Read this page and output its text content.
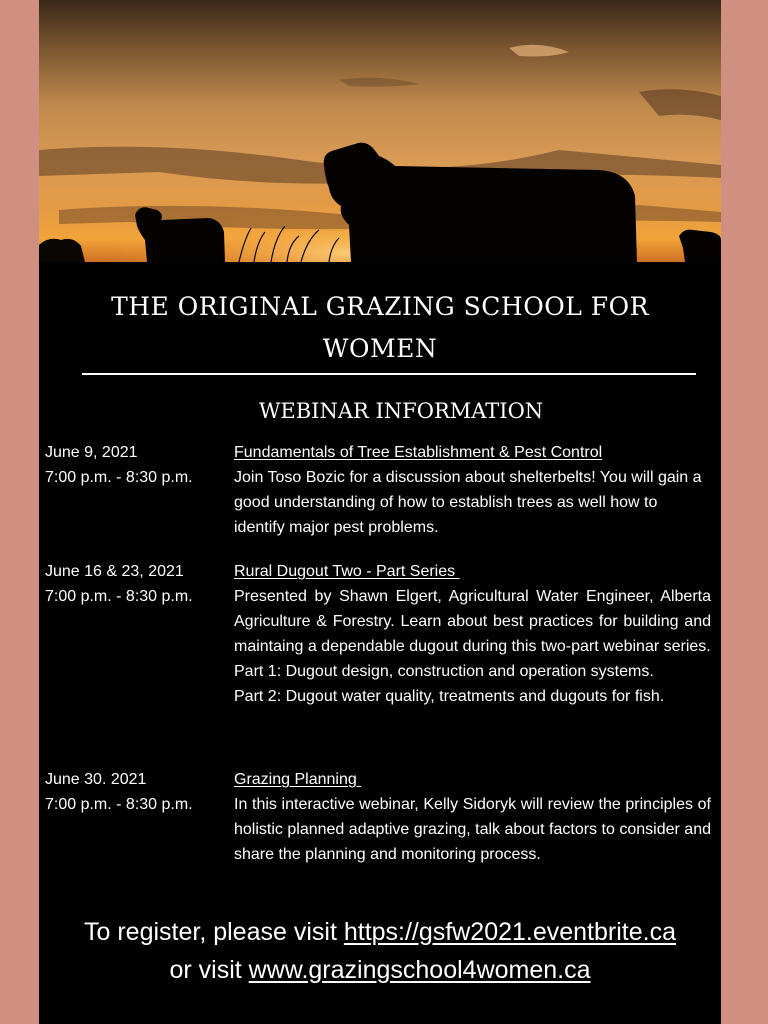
THE ORIGINAL GRAZING SCHOOL FOR
WOMEN
WEBINAR INFORMATION
June 9, 2021
7:00 p.m. - 8:30 p.m.
Fundamentals of Tree Establishment & Pest Control

Join Toso Bozic for a discussion about shelterbelts! You will gain a good understanding of how to establish trees as well how to identify major pest problems.

June 16 & 23, 2021
7:00 p.m. - 8:30 p.m.
Rural Dugout Two - Part Series

Presented by Shawn Elgert, Agricultural Water Engineer, Alberta Agriculture & Forestry. Learn about best practices for building and maintaing a dependable dugout during this two-part webinar series.

Part 1: Dugout design, construction and operation systems.

Part 2: Dugout water quality, treatments and dugouts for fish.

June 30. 2021
7:00 p.m. - 8:30 p.m.
Grazing Planning

In this interactive webinar, Kelly Sidoryk will review the principles of holistic planned adaptive grazing, talk about factors to consider and share the planning and monitoring process.

To register, please visit https://gsfw2021.eventbrite.ca
or visit www.grazingschool4women.ca
